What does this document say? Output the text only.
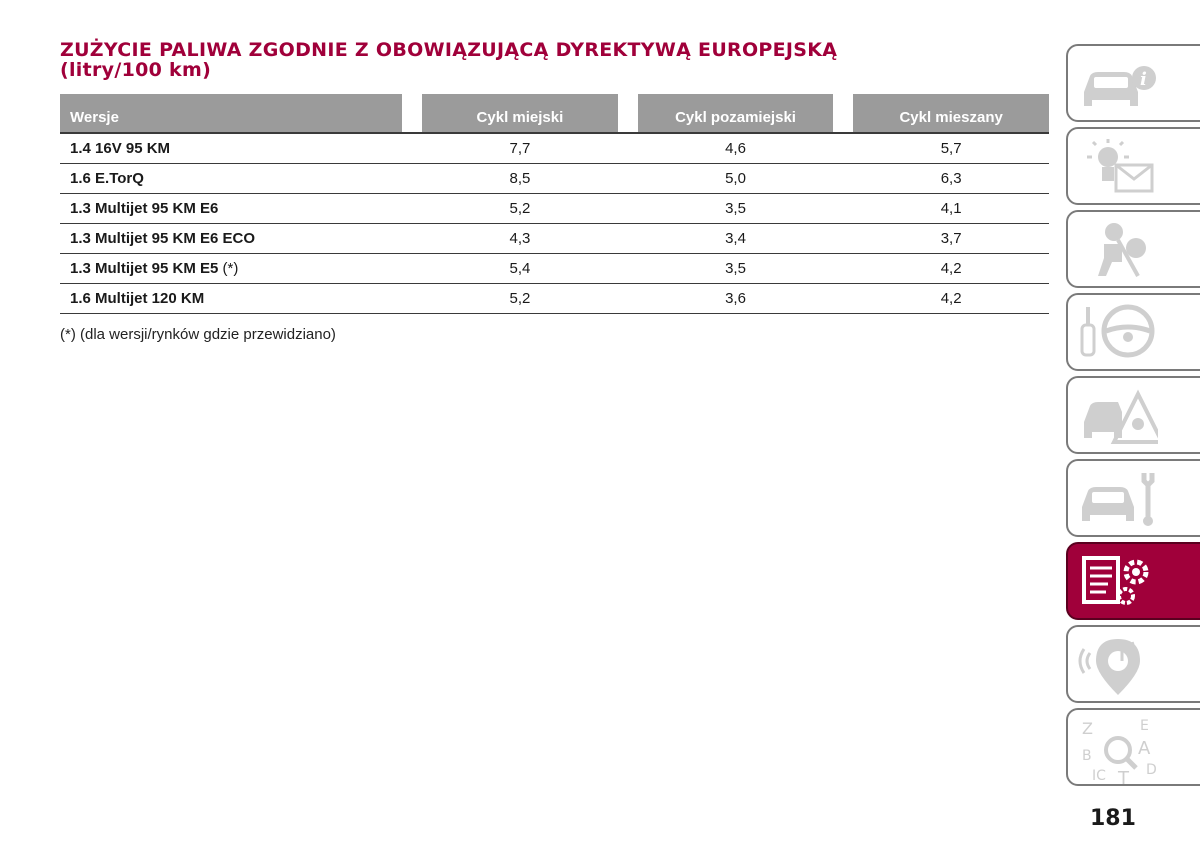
ZUŻYCIE PALIWA ZGODNIE Z OBOWIĄZUJĄCĄ DYREKTYWĄ EUROPEJSKĄ
(litry/100 km)
Wersje		Cykl miejski		Cykl pozamiejski		Cykl mieszany
1.4 16V 95 KM		7,7		4,6		5,7
1.6 E.TorQ		8,5		5,0		6,3
1.3 Multijet 95 KM E6		5,2		3,5		4,1
1.3 Multijet 95 KM E6 ECO		4,3		3,4		3,7
1.3 Multijet 95 KM E5 (*)		5,4		3,5		4,2
1.6 Multijet 120 KM		5,2		3,6		4,2
(*) (dla wersji/rynków gdzie przewidziano)
i
Z	E
B	A
IC T D
181
